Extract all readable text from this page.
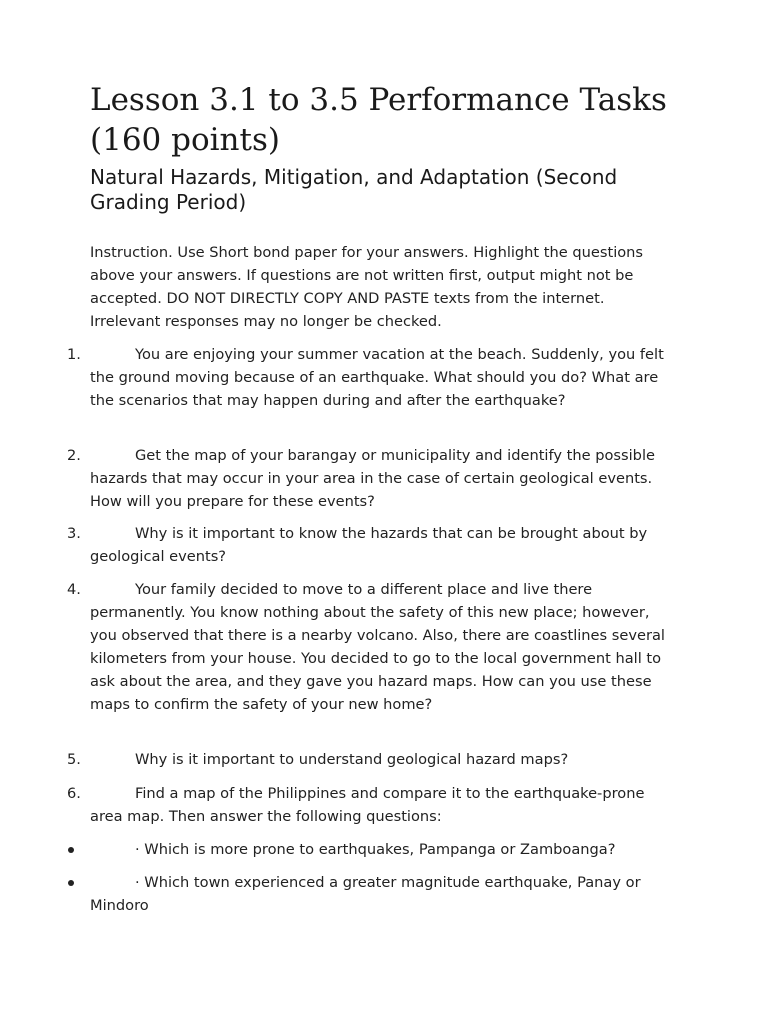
Lesson 3.1 to 3.5 Performance Tasks (160 points)
Natural Hazards, Mitigation, and Adaptation (Second Grading Period)

Instruction. Use Short bond paper for your answers. Highlight the questions above your answers. If questions are not written first, output might not be accepted. DO NOT DIRECTLY COPY AND PASTE texts from the internet. Irrelevant responses may no longer be checked.

1.	You are enjoying your summer vacation at the beach. Suddenly, you felt the ground moving because of an earthquake. What should you do? What are the scenarios that may happen during and after the earthquake?

2.	Get the map of your barangay or municipality and identify the possible hazards that may occur in your area in the case of certain geological events. How will you prepare for these events?

3.	Why is it important to know the hazards that can be brought about by geological events?

4.	Your family decided to move to a different place and live there permanently. You know nothing about the safety of this new place; however, you observed that there is a nearby volcano. Also, there are coastlines several kilometers from your house. You decided to go to the local government hall to ask about the area, and they gave you hazard maps. How can you use these maps to confirm the safety of your new home?

5.	Why is it important to understand geological hazard maps?

6.	Find a map of the Philippines and compare it to the earthquake-prone area map. Then answer the following questions:

· Which is more prone to earthquakes, Pampanga or Zamboanga?

· Which town experienced a greater magnitude earthquake, Panay or Mindoro
